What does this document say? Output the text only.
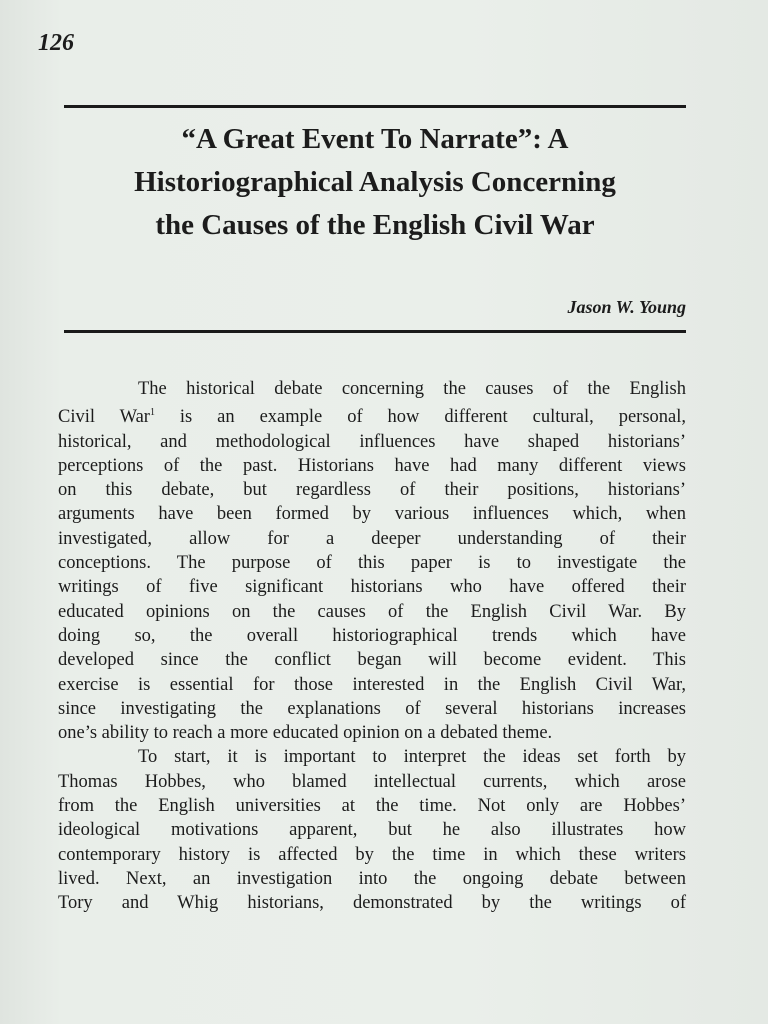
126
“A Great Event To Narrate”: A
Historiographical Analysis Concerning
the Causes of the English Civil War
Jason W. Young
The historical debate concerning the causes of the English
Civil War$^1$ is an example of how different cultural, personal,
historical, and methodological influences have shaped historians’
perceptions of the past. Historians have had many different views
on this debate, but regardless of their positions, historians’
arguments have been formed by various influences which, when
investigated, allow for a deeper understanding of their
conceptions. The purpose of this paper is to investigate the
writings of five significant historians who have offered their
educated opinions on the causes of the English Civil War. By
doing so, the overall historiographical trends which have
developed since the conflict began will become evident. This
exercise is essential for those interested in the English Civil War,
since investigating the explanations of several historians increases
one’s ability to reach a more educated opinion on a debated theme.
To start, it is important to interpret the ideas set forth by
Thomas Hobbes, who blamed intellectual currents, which arose
from the English universities at the time. Not only are Hobbes’
ideological motivations apparent, but he also illustrates how
contemporary history is affected by the time in which these writers
lived. Next, an investigation into the ongoing debate between
Tory and Whig historians, demonstrated by the writings of
